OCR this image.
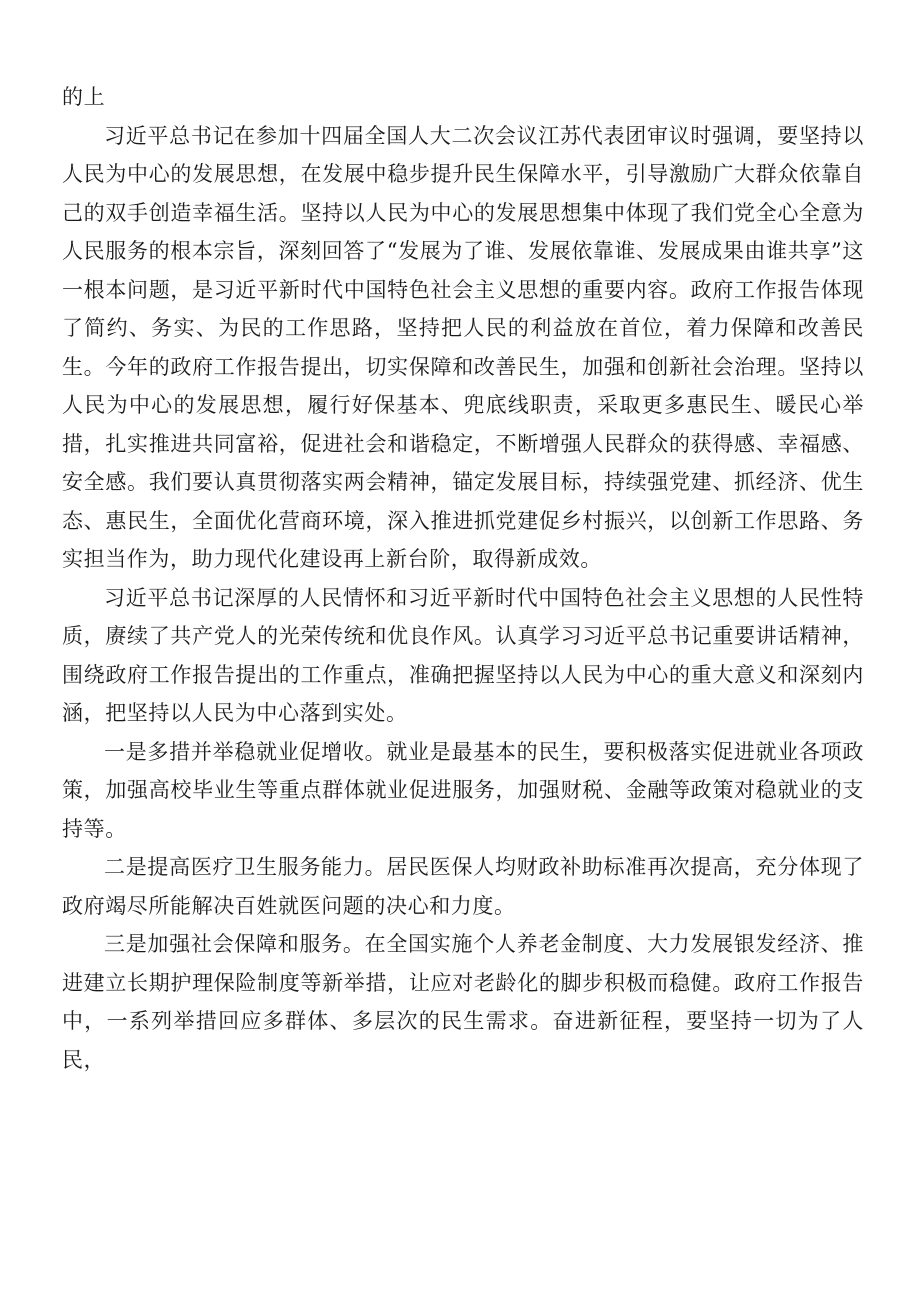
的上

习近平总书记在参加十四届全国人大二次会议江苏代表团审议时强调，要坚持以人民为中心的发展思想，在发展中稳步提升民生保障水平，引导激励广大群众依靠自己的双手创造幸福生活。坚持以人民为中心的发展思想集中体现了我们党全心全意为人民服务的根本宗旨，深刻回答了“发展为了谁、发展依靠谁、发展成果由谁共享”这一根本问题，是习近平新时代中国特色社会主义思想的重要内容。政府工作报告体现了简约、务实、为民的工作思路，坚持把人民的利益放在首位，着力保障和改善民生。今年的政府工作报告提出，切实保障和改善民生，加强和创新社会治理。坚持以人民为中心的发展思想，履行好保基本、兜底线职责，采取更多惠民生、暖民心举措，扎实推进共同富裕，促进社会和谐稳定，不断增强人民群众的获得感、幸福感、安全感。我们要认真贯彻落实两会精神，锚定发展目标，持续强党建、抓经济、优生态、惠民生，全面优化营商环境，深入推进抓党建促乡村振兴，以创新工作思路、务实担当作为，助力现代化建设再上新台阶，取得新成效。

习近平总书记深厚的人民情怀和习近平新时代中国特色社会主义思想的人民性特质，赓续了共产党人的光荣传统和优良作风。认真学习习近平总书记重要讲话精神，围绕政府工作报告提出的工作重点，准确把握坚持以人民为中心的重大意义和深刻内涵，把坚持以人民为中心落到实处。

一是多措并举稳就业促增收。就业是最基本的民生，要积极落实促进就业各项政策，加强高校毕业生等重点群体就业促进服务，加强财税、金融等政策对稳就业的支持等。

二是提高医疗卫生服务能力。居民医保人均财政补助标准再次提高，充分体现了政府竭尽所能解决百姓就医问题的决心和力度。

三是加强社会保障和服务。在全国实施个人养老金制度、大力发展银发经济、推进建立长期护理保险制度等新举措，让应对老龄化的脚步积极而稳健。政府工作报告中，一系列举措回应多群体、多层次的民生需求。奋进新征程，要坚持一切为了人民，
